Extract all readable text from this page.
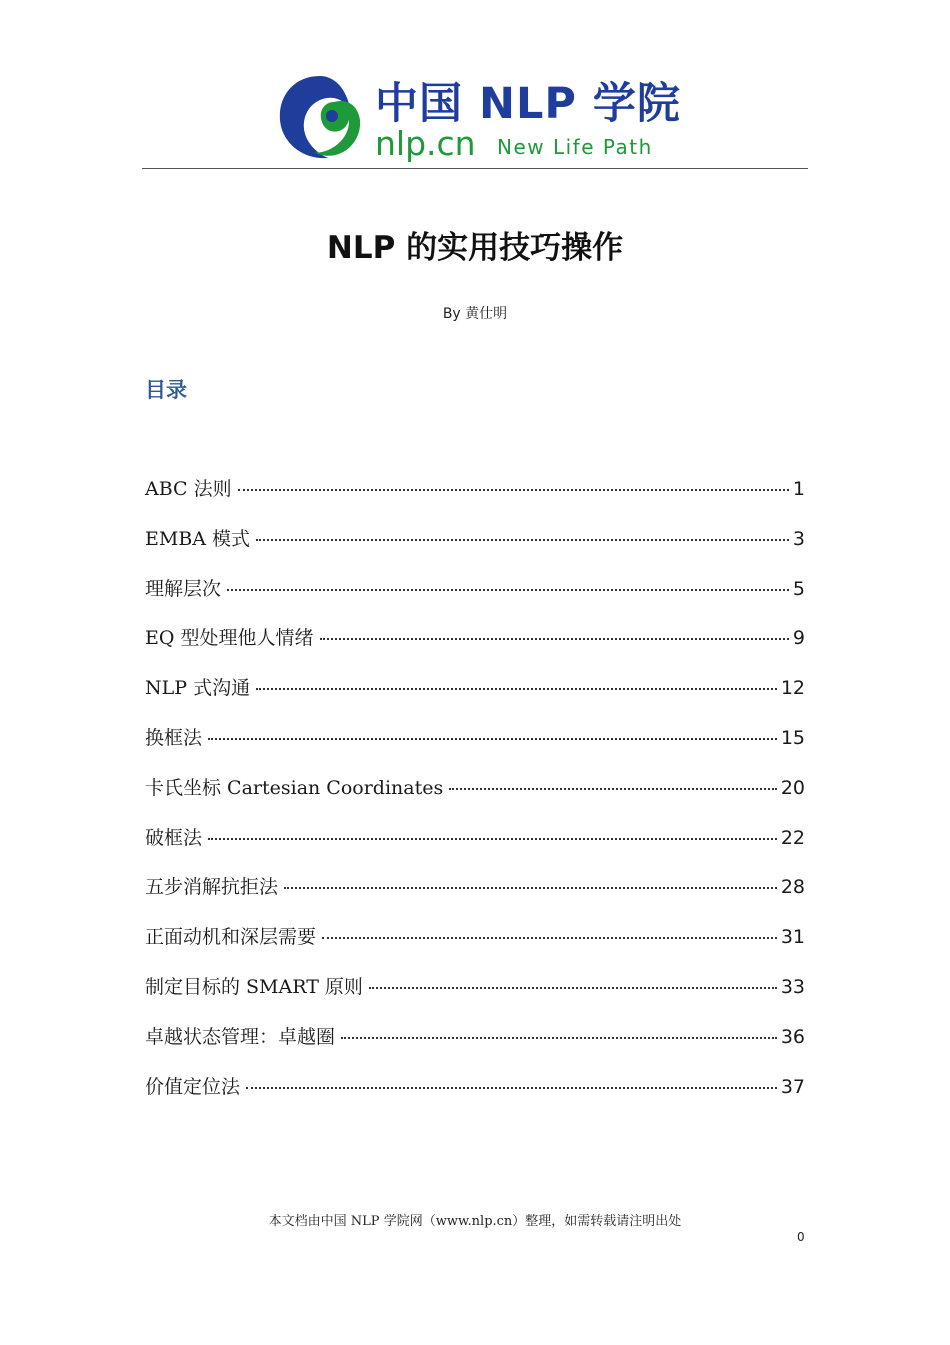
中国 NLP 学院
nlp.cn New Life Path
NLP 的实用技巧操作
By 黄仕明
目录
ABC 法则	1
EMBA 模式	3
理解层次	5
EQ 型处理他人情绪	9
NLP 式沟通	12
换框法	15
卡氏坐标 Cartesian Coordinates	20
破框法	22
五步消解抗拒法	28
正面动机和深层需要	31
制定目标的 SMART 原则	33
卓越状态管理：卓越圈	36
价值定位法	37
本文档由中国 NLP 学院网（www.nlp.cn）整理，如需转载请注明出处
0
